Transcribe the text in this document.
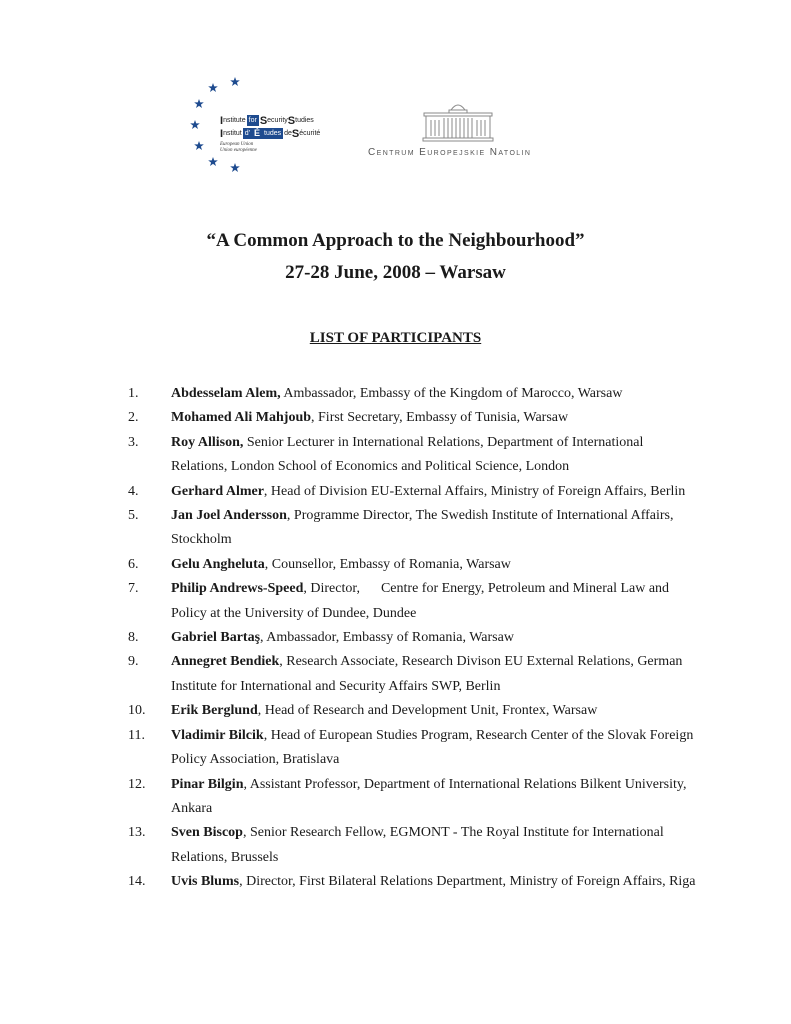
I nstitute for S ecurity S tudies
I nstitut d' É tudes de S écurité
European Union
Union européenne	Centrum Europejskie Natolin
“A Common Approach to the Neighbourhood”
27-28 June, 2008 – Warsaw
LIST OF PARTICIPANTS
1.	Abdesselam Alem, Ambassador, Embassy of the Kingdom of Marocco, Warsaw
2.	Mohamed Ali Mahjoub, First Secretary, Embassy of Tunisia, Warsaw
3.	Roy Allison, Senior Lecturer in International Relations, Department of International Relations, London School of Economics and Political Science, London
4.	Gerhard Almer, Head of Division EU-External Affairs, Ministry of Foreign Affairs, Berlin
5.	Jan Joel Andersson, Programme Director, The Swedish Institute of International Affairs, Stockholm
6.	Gelu Angheluta, Counsellor, Embassy of Romania, Warsaw
7.	Philip Andrews-Speed, Director,      Centre for Energy, Petroleum and Mineral Law and Policy at the University of Dundee, Dundee
8.	Gabriel Bartaş, Ambassador, Embassy of Romania, Warsaw
9.	Annegret Bendiek, Research Associate, Research Divison EU External Relations, German Institute for International and Security Affairs SWP, Berlin
10.	Erik Berglund, Head of Research and Development Unit, Frontex, Warsaw
11.	Vladimir Bilcik, Head of European Studies Program, Research Center of the Slovak Foreign Policy Association, Bratislava
12.	Pinar Bilgin, Assistant Professor, Department of International Relations Bilkent University, Ankara
13.	Sven Biscop, Senior Research Fellow, EGMONT - The Royal Institute for International Relations, Brussels
14.	Uvis Blums, Director, First Bilateral Relations Department, Ministry of Foreign Affairs, Riga
